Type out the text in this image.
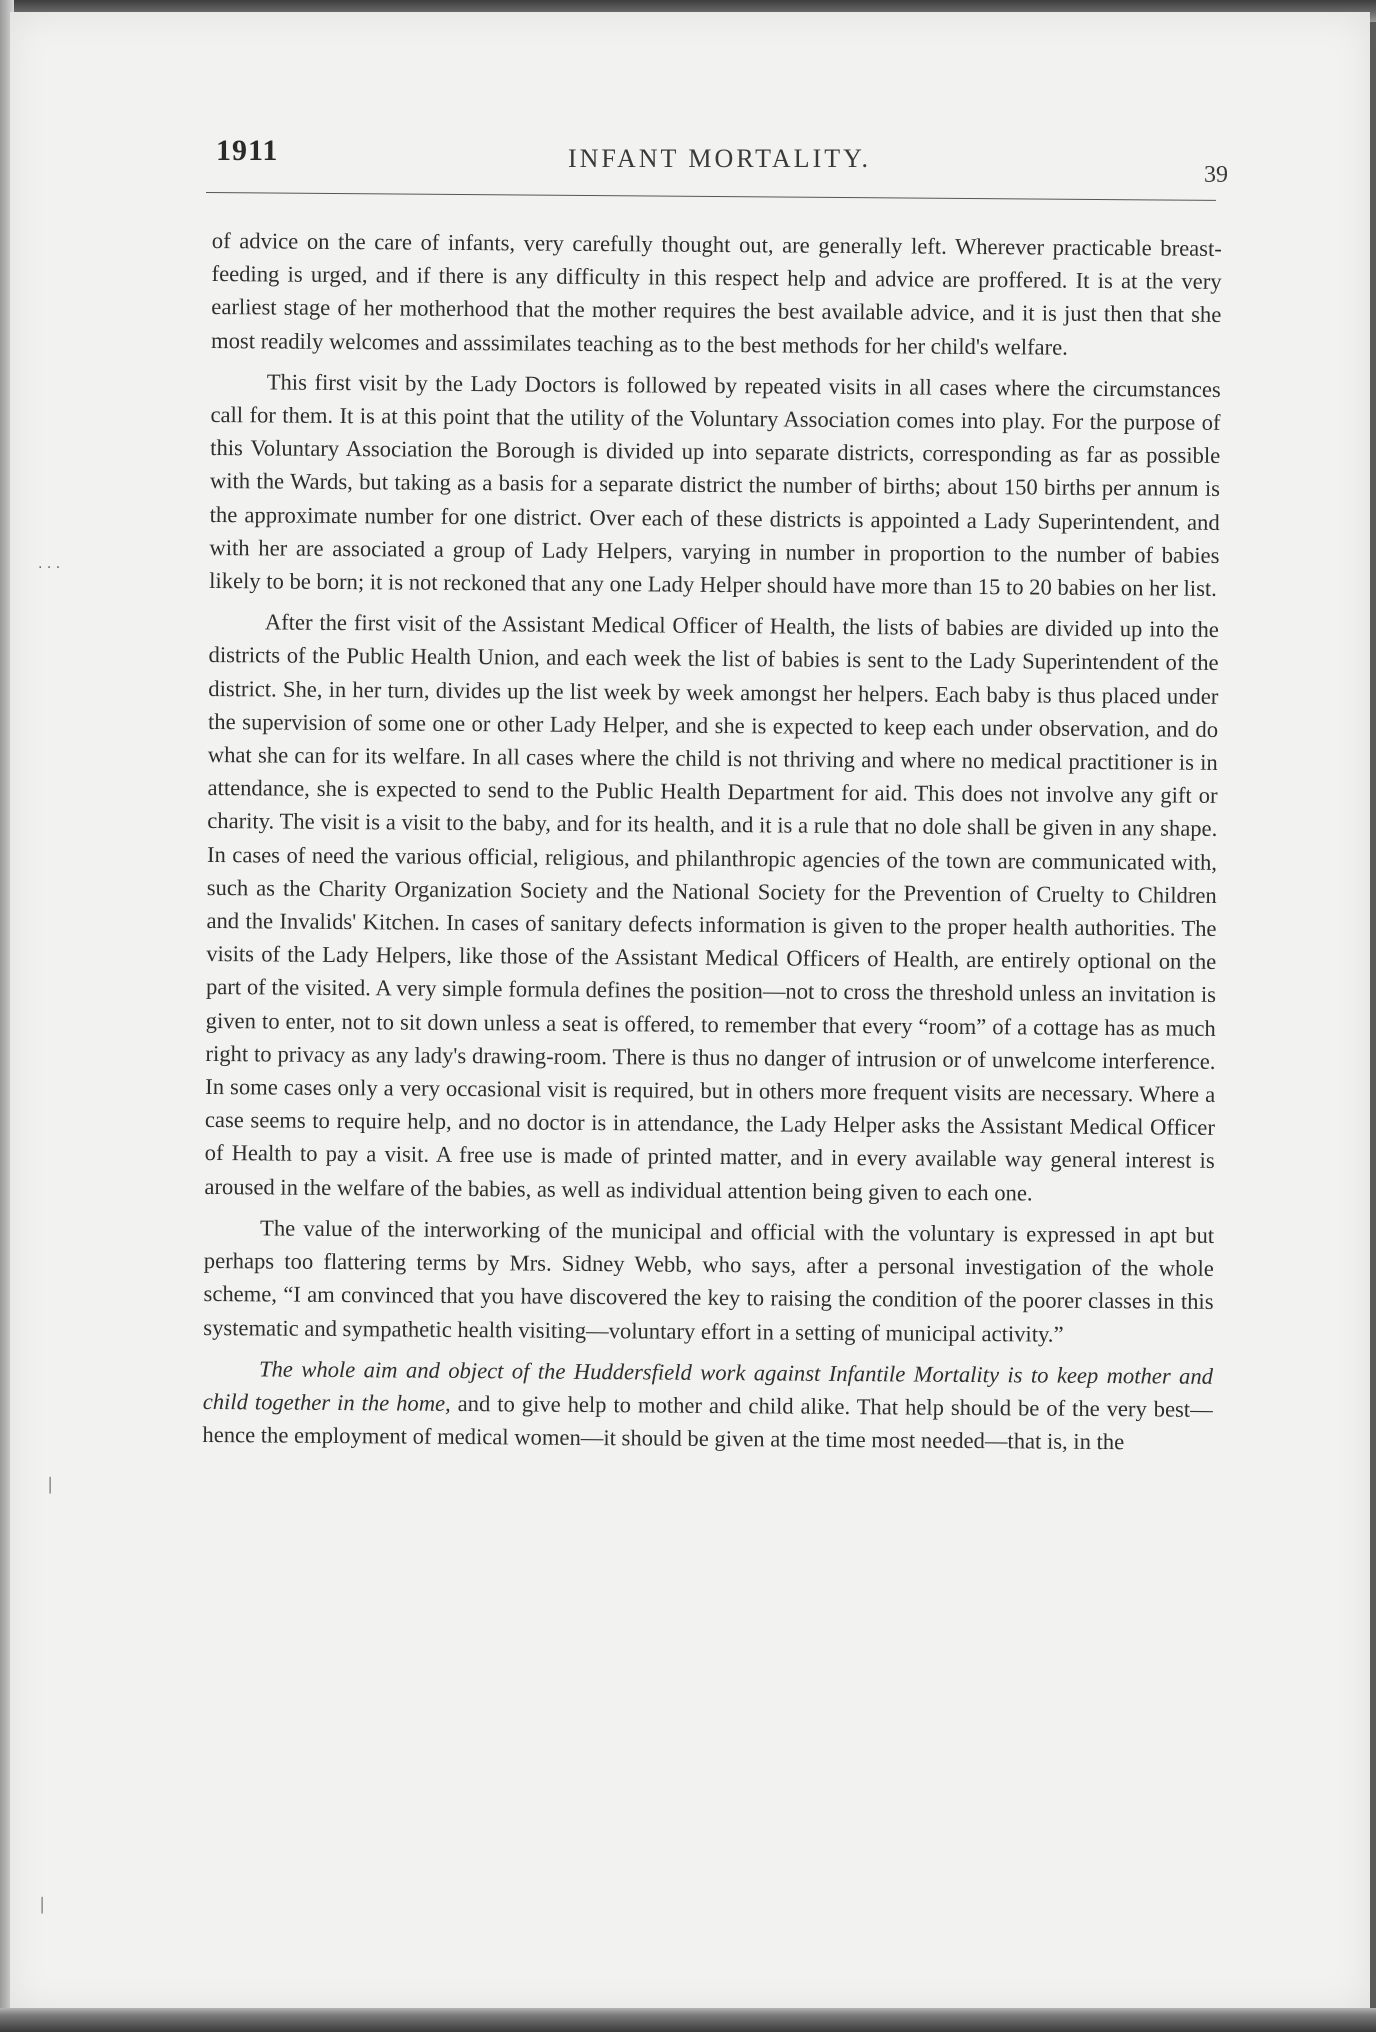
· · ·
│
│
1911	INFANT MORTALITY.
39

of advice on the care of infants, very carefully thought out, are generally left. Wherever practicable breast-feeding is urged, and if there is any difficulty in this respect help and advice are proffered. It is at the very earliest stage of her motherhood that the mother requires the best available advice, and it is just then that she most readily welcomes and asssimilates teaching as to the best methods for her child's welfare.

This first visit by the Lady Doctors is followed by repeated visits in all cases where the circumstances call for them. It is at this point that the utility of the Voluntary Association comes into play. For the purpose of this Voluntary Association the Borough is divided up into separate districts, corresponding as far as possible with the Wards, but taking as a basis for a separate district the number of births; about 150 births per annum is the approximate number for one district. Over each of these districts is appointed a Lady Superintendent, and with her are associated a group of Lady Helpers, varying in number in proportion to the number of babies likely to be born; it is not reckoned that any one Lady Helper should have more than 15 to 20 babies on her list.

After the first visit of the Assistant Medical Officer of Health, the lists of babies are divided up into the districts of the Public Health Union, and each week the list of babies is sent to the Lady Superintendent of the district. She, in her turn, divides up the list week by week amongst her helpers. Each baby is thus placed under the supervision of some one or other Lady Helper, and she is expected to keep each under observation, and do what she can for its welfare. In all cases where the child is not thriving and where no medical practitioner is in attendance, she is expected to send to the Public Health Department for aid. This does not involve any gift or charity. The visit is a visit to the baby, and for its health, and it is a rule that no dole shall be given in any shape. In cases of need the various official, religious, and philanthropic agencies of the town are communicated with, such as the Charity Organization Society and the National Society for the Prevention of Cruelty to Children and the Invalids' Kitchen. In cases of sanitary defects information is given to the proper health authorities. The visits of the Lady Helpers, like those of the Assistant Medical Officers of Health, are entirely optional on the part of the visited. A very simple formula defines the position—not to cross the threshold unless an invitation is given to enter, not to sit down unless a seat is offered, to remember that every “room” of a cottage has as much right to privacy as any lady's drawing-room. There is thus no danger of intrusion or of unwelcome interference. In some cases only a very occasional visit is required, but in others more frequent visits are necessary. Where a case seems to require help, and no doctor is in attendance, the Lady Helper asks the Assistant Medical Officer of Health to pay a visit. A free use is made of printed matter, and in every available way general interest is aroused in the welfare of the babies, as well as individual attention being given to each one.

The value of the interworking of the municipal and official with the voluntary is expressed in apt but perhaps too flattering terms by Mrs. Sidney Webb, who says, after a personal investigation of the whole scheme, “I am convinced that you have discovered the key to raising the condition of the poorer classes in this systematic and sympathetic health visiting—voluntary effort in a setting of municipal activity.”

The whole aim and object of the Huddersfield work against Infantile Mortality is to keep mother and child together in the home, and to give help to mother and child alike. That help should be of the very best—hence the employment of medical women—it should be given at the time most needed—that is, in the
